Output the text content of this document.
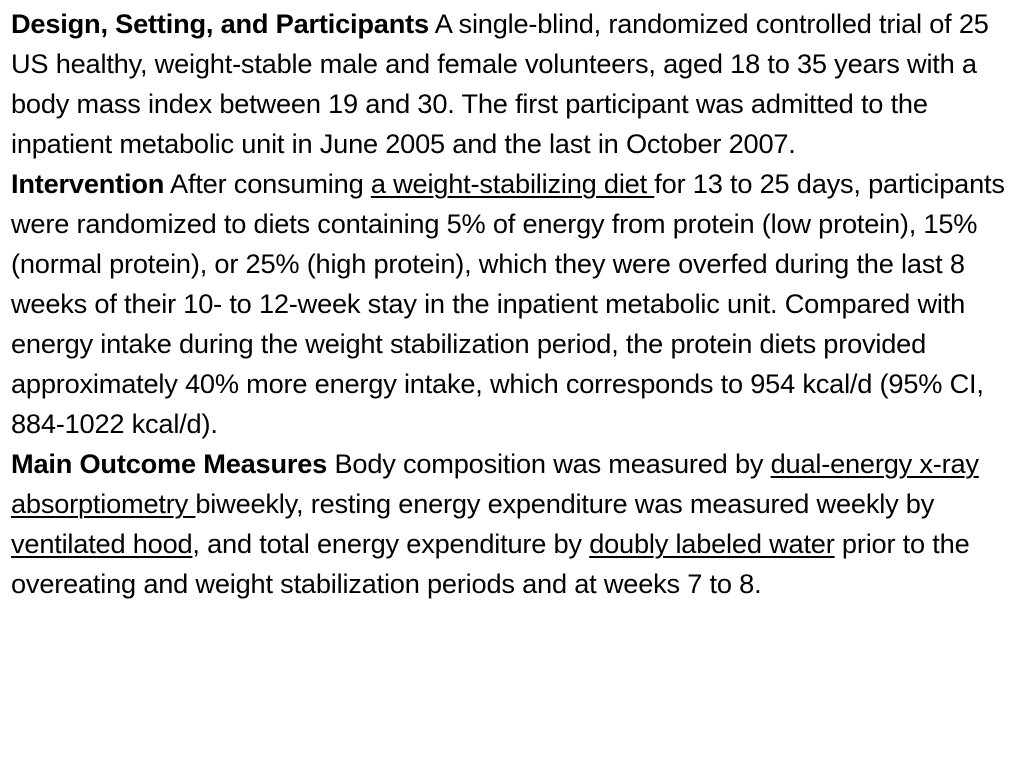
Design, Setting, and Participants A single-blind, randomized controlled trial of 25 US healthy, weight-stable male and female volunteers, aged 18 to 35 years with a body mass index between 19 and 30. The first participant was admitted to the inpatient metabolic unit in June 2005 and the last in October 2007.

Intervention After consuming a weight-stabilizing diet for 13 to 25 days, participants were randomized to diets containing 5% of energy from protein (low protein), 15% (normal protein), or 25% (high protein), which they were overfed during the last 8 weeks of their 10- to 12-week stay in the inpatient metabolic unit. Compared with energy intake during the weight stabilization period, the protein diets provided approximately 40% more energy intake, which corresponds to 954 kcal/d (95% CI, 884-1022 kcal/d).

Main Outcome Measures Body composition was measured by dual-energy x-ray absorptiometry biweekly, resting energy expenditure was measured weekly by ventilated hood, and total energy expenditure by doubly labeled water prior to the overeating and weight stabilization periods and at weeks 7 to 8.
